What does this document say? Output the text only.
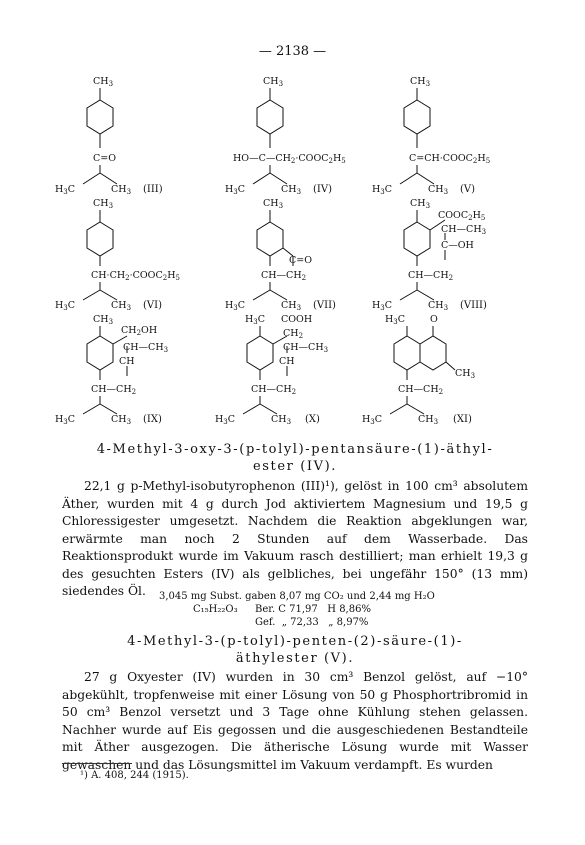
— 2138 —
$CH_3$
C=O
$H_3C$	$CH_3$ (III)
$CH_3$
$HO—C—CH_2\cdot COOC_2H_5$
$H_3C$	$CH_3$ (IV)
$CH_3$
$C=CH\cdot COOC_2H_5$
$H_3C$	$CH_3$ (V)
$CH_3$
$CH\cdot CH_2\cdot COOC_2H_5$
$H_3C$	$CH_3$ (VI)
$CH_3$
C=O
$CH—CH_2$
$H_3C$	$CH_3$ (VII)
$CH_3$
$COOC_2H_5$
$CH—CH_3$
C—OH
$CH—CH_2$
$H_3C$	$CH_3$ (VIII)
$CH_3$
$CH_2OH$
$CH—CH_3$
CH
$CH—CH_2$
$H_3C$	$CH_3$ (IX)
$H_3C$ COOH
$CH_2$
$CH—CH_3$
CH
$CH—CH_2$
$H_3C$	$CH_3$ (X)
$H_3C$	O
$CH_3$
$CH—CH_2$
$H_3C$	$CH_3$ (XI)
4-Methyl-3-oxy-3-(p-tolyl)-pentansäure-(1)-äthyl-
ester (IV).

22,1 g p-Methyl-isobutyrophenon (III)¹), gelöst in 100 cm³ absolutem Äther, wurden mit 4 g durch Jod aktiviertem Magnesium und 19,5 g Chloressigester umgesetzt. Nachdem die Reaktion abgeklungen war, erwärmte man noch 2 Stunden auf dem Wasserbade. Das Reaktionsprodukt wurde im Vakuum rasch destilliert; man erhielt 19,3 g des gesuchten Esters (IV) als gelbliches, bei ungefähr 150° (13 mm) siedendes Öl.	3,045 mg Subst. gaben 8,07 mg CO₂ und 2,44 mg H₂O
C₁₅H₂₂O₃ Ber. C 71,97   H 8,86%
Gef.  „ 72,33   „ 8,97%
4-Methyl-3-(p-tolyl)-penten-(2)-säure-(1)-
äthylester (V).

27 g Oxyester (IV) wurden in 30 cm³ Benzol gelöst, auf −10° abgekühlt, tropfenweise mit einer Lösung von 50 g Phosphortribromid in 50 cm³ Benzol versetzt und 3 Tage ohne Kühlung stehen gelassen. Nachher wurde auf Eis gegossen und die ausgeschiedenen Bestandteile mit Äther ausgezogen. Die ätherische Lösung wurde mit Wasser gewaschen und das Lösungsmittel im Vakuum verdampft. Es wurden

¹) A. 408, 244 (1915).
